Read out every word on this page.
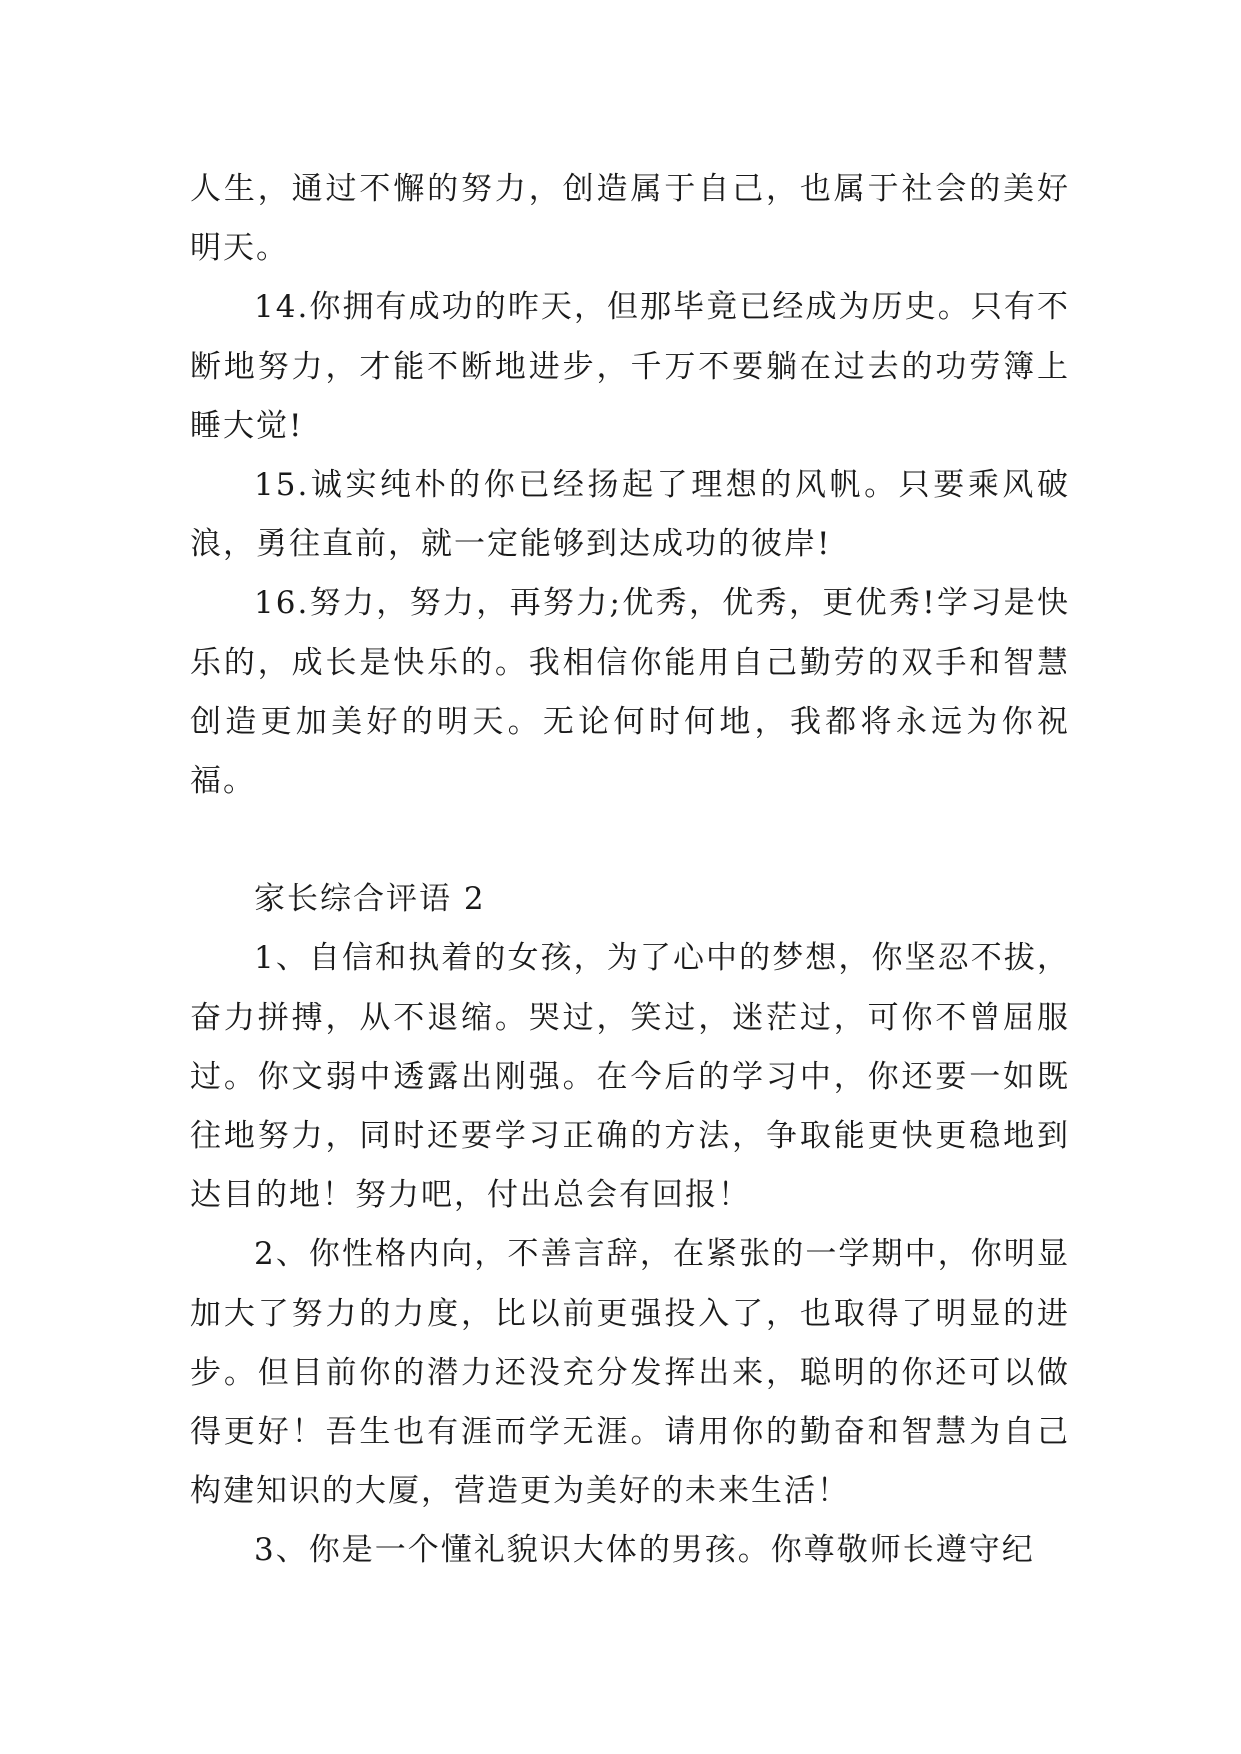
人生，通过不懈的努力，创造属于自己，也属于社会的美好明天。

14.你拥有成功的昨天，但那毕竟已经成为历史。只有不断地努力，才能不断地进步，千万不要躺在过去的功劳簿上睡大觉!

15.诚实纯朴的你已经扬起了理想的风帆。只要乘风破浪，勇往直前，就一定能够到达成功的彼岸!

16.努力，努力，再努力;优秀，优秀，更优秀!学习是快乐的，成长是快乐的。我相信你能用自己勤劳的双手和智慧创造更加美好的明天。无论何时何地，我都将永远为你祝福。

家长综合评语 2

1、自信和执着的女孩，为了心中的梦想，你坚忍不拔，奋力拼搏，从不退缩。哭过，笑过，迷茫过，可你不曾屈服过。你文弱中透露出刚强。在今后的学习中，你还要一如既往地努力，同时还要学习正确的方法，争取能更快更稳地到达目的地！努力吧，付出总会有回报！

2、你性格内向，不善言辞，在紧张的一学期中，你明显加大了努力的力度，比以前更强投入了，也取得了明显的进步。但目前你的潜力还没充分发挥出来，聪明的你还可以做得更好！吾生也有涯而学无涯。请用你的勤奋和智慧为自己构建知识的大厦，营造更为美好的未来生活！

3、你是一个懂礼貌识大体的男孩。你尊敬师长遵守纪
